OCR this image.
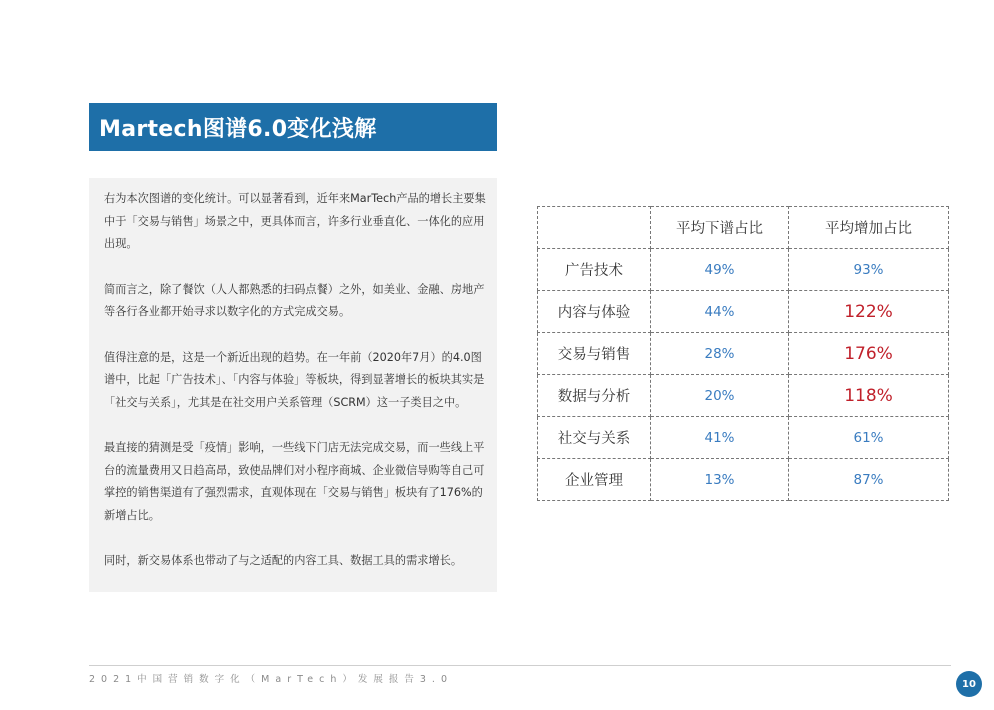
Martech图谱6.0变化浅解

右为本次图谱的变化统计。可以显著看到，近年来MarTech产品的增长主要集中于「交易与销售」场景之中，更具体而言，许多行业垂直化、一体化的应用出现。

简而言之，除了餐饮（人人都熟悉的扫码点餐）之外，如美业、金融、房地产等各行各业都开始寻求以数字化的方式完成交易。

值得注意的是，这是一个新近出现的趋势。在一年前（2020年7月）的4.0图谱中，比起「广告技术」、「内容与体验」等板块，得到显著增长的板块其实是「社交与关系」，尤其是在社交用户关系管理（SCRM）这一子类目之中。

最直接的猜测是受「疫情」影响，一些线下门店无法完成交易，而一些线上平台的流量费用又日趋高昂，致使品牌们对小程序商城、企业微信导购等自己可掌控的销售渠道有了强烈需求，直观体现在「交易与销售」板块有了176%的新增占比。

同时，新交易体系也带动了与之适配的内容工具、数据工具的需求增长。

	平均下谱占比	平均增加占比
广告技术	49%	93%
内容与体验	44%	122%
交易与销售	28%	176%
数据与分析	20%	118%
社交与关系	41%	61%
企业管理	13%	87%
2021中国营销数字化（MarTech）发展报告3.0	10
